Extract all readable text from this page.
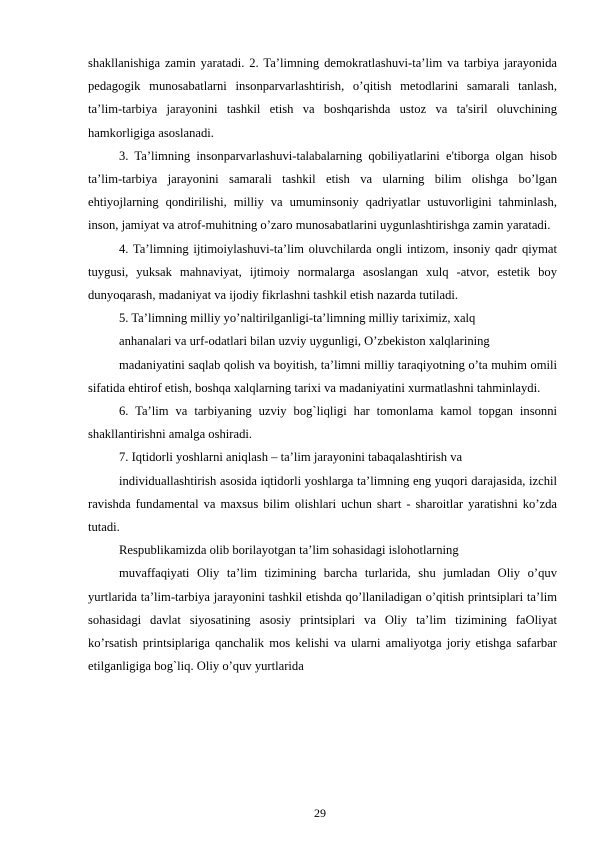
shakllanishiga zamin yaratadi. 2. Ta’limning demokratlashuvi-ta’lim va tarbiya jarayonida pedagogik munosabatlarni insonparvarlashtirish, o’qitish metodlarini samarali tanlash, ta’lim-tarbiya jarayonini tashkil etish va boshqarishda ustoz va ta'siril oluvchining hamkorligiga asoslanadi.

3. Ta’limning insonparvarlashuvi-talabalarning qobiliyatlarini e'tiborga olgan hisob ta’lim-tarbiya jarayonini samarali tashkil etish va ularning bilim olishga bo’lgan ehtiyojlarning qondirilishi, milliy va umuminsoniy qadriyatlar ustuvorligini tahminlash, inson, jamiyat va atrof-muhitning o’zaro munosabatlarini uygunlashtirishga zamin yaratadi.

4. Ta’limning ijtimoiylashuvi-ta’lim oluvchilarda ongli intizom, insoniy qadr qiymat tuygusi, yuksak mahnaviyat, ijtimoiy normalarga asoslangan xulq -atvor, estetik boy dunyoqarash, madaniyat va ijodiy fikrlashni tashkil etish nazarda tutiladi.

5. Ta’limning milliy yo’naltirilganligi-ta’limning milliy tariximiz, xalq

anhanalari va urf-odatlari bilan uzviy uygunligi, O’zbekiston xalqlarining

madaniyatini saqlab qolish va boyitish, ta’limni milliy taraqiyotning o’ta muhim omili sifatida ehtirof etish, boshqa xalqlarning tarixi va madaniyatini xurmatlashni tahminlaydi.

6. Ta’lim va tarbiyaning uzviy bog`liqligi har tomonlama kamol topgan insonni shakllantirishni amalga oshiradi.

7. Iqtidorli yoshlarni aniqlash – ta’lim jarayonini tabaqalashtirish va

individuallashtirish asosida iqtidorli yoshlarga ta’limning eng yuqori darajasida, izchil ravishda fundamental va maxsus bilim olishlari uchun shart - sharoitlar yaratishni ko’zda tutadi.

Respublikamizda olib borilayotgan ta’lim sohasidagi islohotlarning

muvaffaqiyati Oliy ta’lim tizimining barcha turlarida, shu jumladan Oliy o’quv yurtlarida ta’lim-tarbiya jarayonini tashkil etishda qo’llaniladigan o’qitish printsiplari ta’lim sohasidagi davlat siyosatining asosiy printsiplari va Oliy ta’lim tizimining faOliyat ko’rsatish printsiplariga qanchalik mos kelishi va ularni amaliyotga joriy etishga safarbar etilganligiga bog`liq. Oliy o’quv yurtlarida

29
